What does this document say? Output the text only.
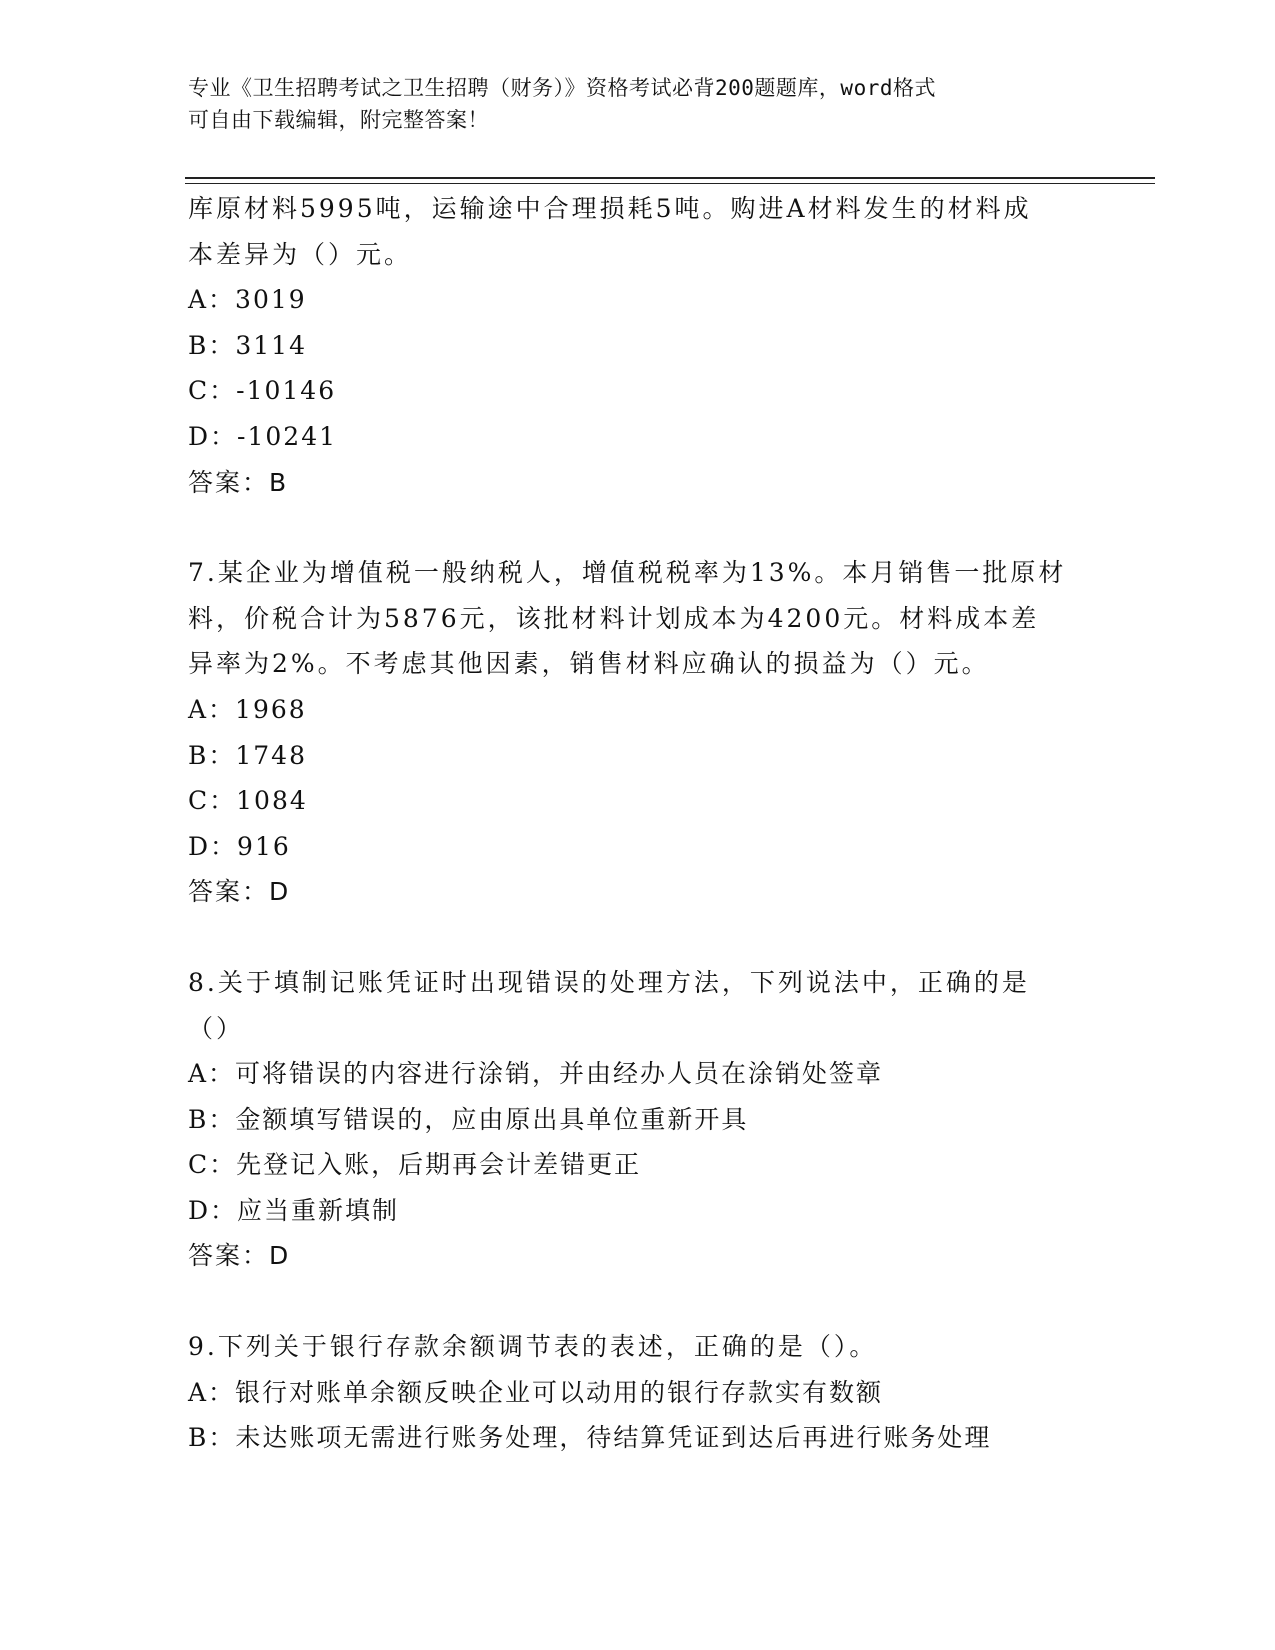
专业《卫生招聘考试之卫生招聘（财务）》资格考试必背200题题库，word格式
可自由下载编辑，附完整答案！
库原材料5995吨，运输途中合理损耗5吨。购进A材料发生的材料成
本差异为（）元。
A：3019
B：3114
C：-10146
D：-10241
答案：B
7.某企业为增值税一般纳税人，增值税税率为13%。本月销售一批原材
料，价税合计为5876元，该批材料计划成本为4200元。材料成本差
异率为2%。不考虑其他因素，销售材料应确认的损益为（）元。
A：1968
B：1748
C：1084
D：916
答案：D
8.关于填制记账凭证时出现错误的处理方法，下列说法中，正确的是
（）
A：可将错误的内容进行涂销，并由经办人员在涂销处签章
B：金额填写错误的，应由原出具单位重新开具
C：先登记入账，后期再会计差错更正
D：应当重新填制
答案：D
9.下列关于银行存款余额调节表的表述，正确的是（）。
A：银行对账单余额反映企业可以动用的银行存款实有数额
B：未达账项无需进行账务处理，待结算凭证到达后再进行账务处理
